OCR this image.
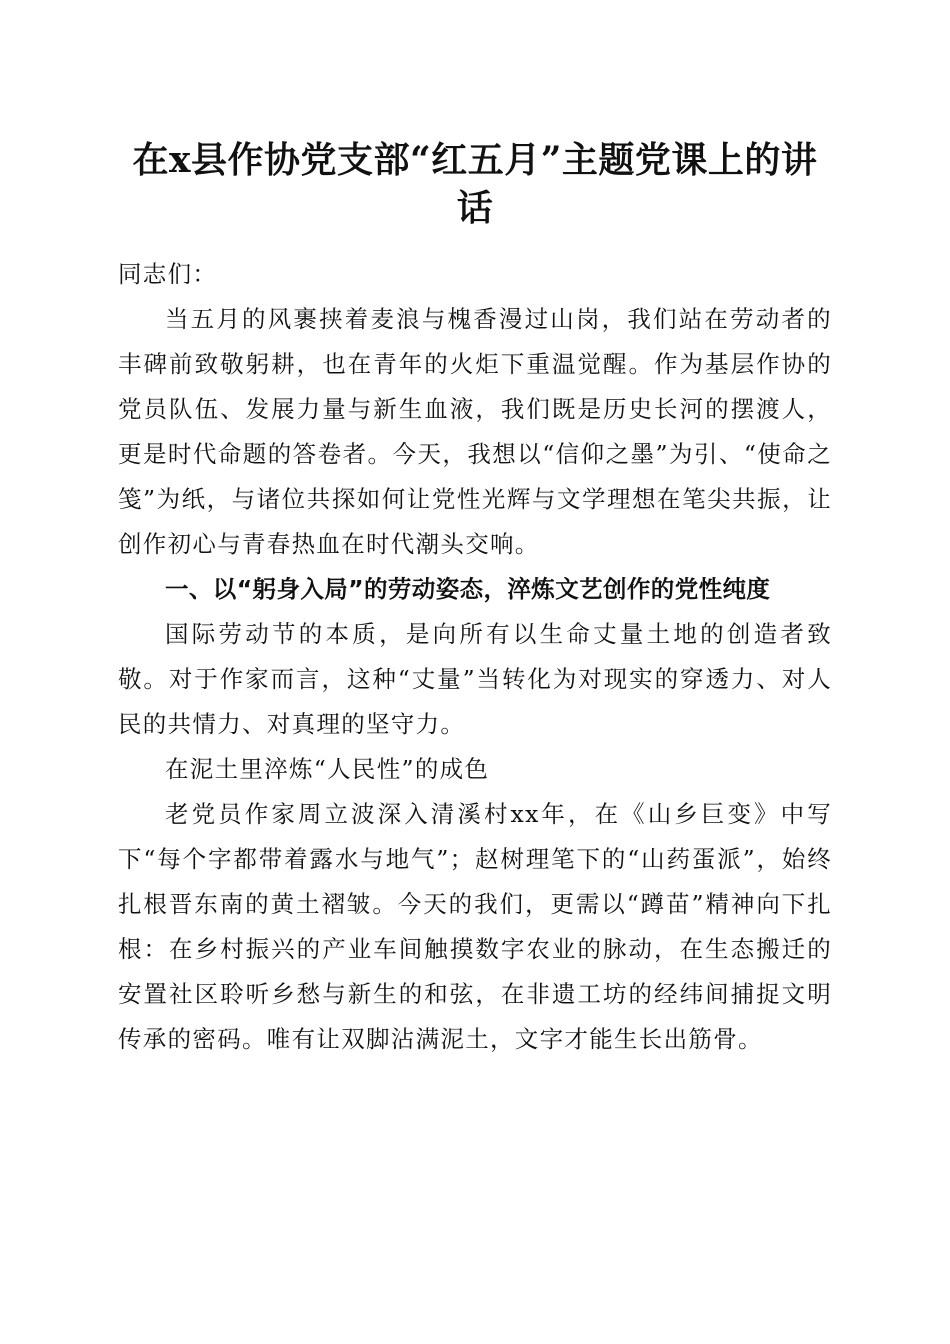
在x县作协党支部“红五月”主题党课上的讲话

同志们：

当五月的风裹挟着麦浪与槐香漫过山岗，我们站在劳动者的丰碑前致敬躬耕，也在青年的火炬下重温觉醒。作为基层作协的党员队伍、发展力量与新生血液，我们既是历史长河的摆渡人，更是时代命题的答卷者。今天，我想以“信仰之墨”为引、“使命之笺”为纸，与诸位共探如何让党性光辉与文学理想在笔尖共振，让创作初心与青春热血在时代潮头交响。

一、以“躬身入局”的劳动姿态，淬炼文艺创作的党性纯度

国际劳动节的本质，是向所有以生命丈量土地的创造者致敬。对于作家而言，这种“丈量”当转化为对现实的穿透力、对人民的共情力、对真理的坚守力。

在泥土里淬炼“人民性”的成色

老党员作家周立波深入清溪村xx年，在《山乡巨变》中写下“每个字都带着露水与地气”；赵树理笔下的“山药蛋派”，始终扎根晋东南的黄土褶皱。今天的我们，更需以“蹲苗”精神向下扎根：在乡村振兴的产业车间触摸数字农业的脉动，在生态搬迁的安置社区聆听乡愁与新生的和弦，在非遗工坊的经纬间捕捉文明传承的密码。唯有让双脚沾满泥土，文字才能生长出筋骨。
